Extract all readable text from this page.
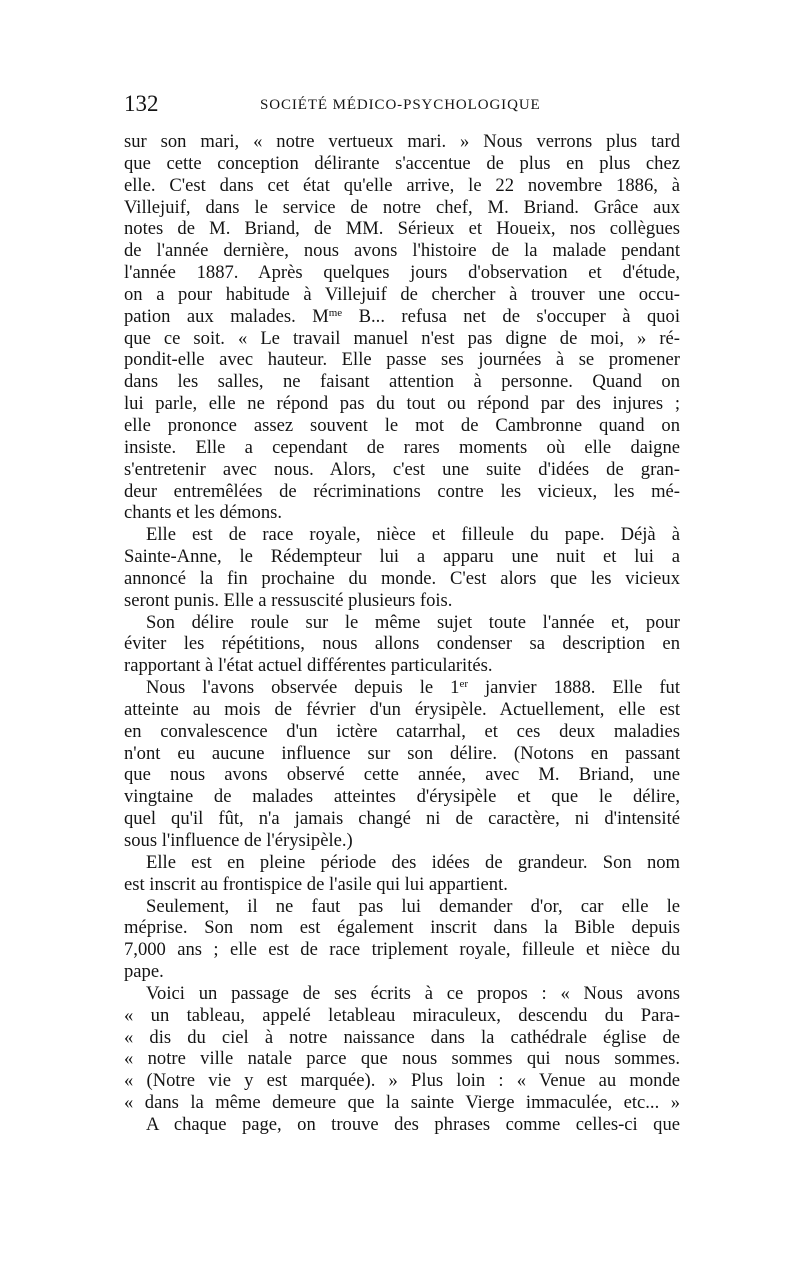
132	SOCIÉTÉ MÉDICO-PSYCHOLOGIQUE
sur son mari, « notre vertueux mari. » Nous verrons plus tard
que cette conception délirante s'accentue de plus en plus chez
elle. C'est dans cet état qu'elle arrive, le 22 novembre 1886, à
Villejuif, dans le service de notre chef, M. Briand. Grâce aux
notes de M. Briand, de MM. Sérieux et Houeix, nos collègues
de l'année dernière, nous avons l'histoire de la malade pendant
l'année 1887. Après quelques jours d'observation et d'étude,
on a pour habitude à Villejuif de chercher à trouver une occu-
pation aux malades. $M^{me}$ B... refusa net de s'occuper à quoi
que ce soit. « Le travail manuel n'est pas digne de moi, » ré-
pondit-elle avec hauteur. Elle passe ses journées à se promener
dans les salles, ne faisant attention à personne. Quand on
lui parle, elle ne répond pas du tout ou répond par des injures ;
elle prononce assez souvent le mot de Cambronne quand on
insiste. Elle a cependant de rares moments où elle daigne
s'entretenir avec nous. Alors, c'est une suite d'idées de gran-
deur entremêlées de récriminations contre les vicieux, les mé-
chants et les démons.
Elle est de race royale, nièce et filleule du pape. Déjà à
Sainte-Anne, le Rédempteur lui a apparu une nuit et lui a
annoncé la fin prochaine du monde. C'est alors que les vicieux
seront punis. Elle a ressuscité plusieurs fois.
Son délire roule sur le même sujet toute l'année et, pour
éviter les répétitions, nous allons condenser sa description en
rapportant à l'état actuel différentes particularités.
Nous l'avons observée depuis le 1er janvier 1888. Elle fut
atteinte au mois de février d'un érysipèle. Actuellement, elle est
en convalescence d'un ictère catarrhal, et ces deux maladies
n'ont eu aucune influence sur son délire. (Notons en passant
que nous avons observé cette année, avec M. Briand, une
vingtaine de malades atteintes d'érysipèle et que le délire,
quel qu'il fût, n'a jamais changé ni de caractère, ni d'intensité
sous l'influence de l'érysipèle.)
Elle est en pleine période des idées de grandeur. Son nom
est inscrit au frontispice de l'asile qui lui appartient.
Seulement, il ne faut pas lui demander d'or, car elle le
méprise. Son nom est également inscrit dans la Bible depuis
7,000 ans ; elle est de race triplement royale, filleule et nièce du
pape.
Voici un passage de ses écrits à ce propos : « Nous avons
« un tableau, appelé letableau miraculeux, descendu du Para-
« dis du ciel à notre naissance dans la cathédrale église de
« notre ville natale parce que nous sommes qui nous sommes.
« (Notre vie y est marquée). » Plus loin : « Venue au monde
« dans la même demeure que la sainte Vierge immaculée, etc... »
A chaque page, on trouve des phrases comme celles-ci que
